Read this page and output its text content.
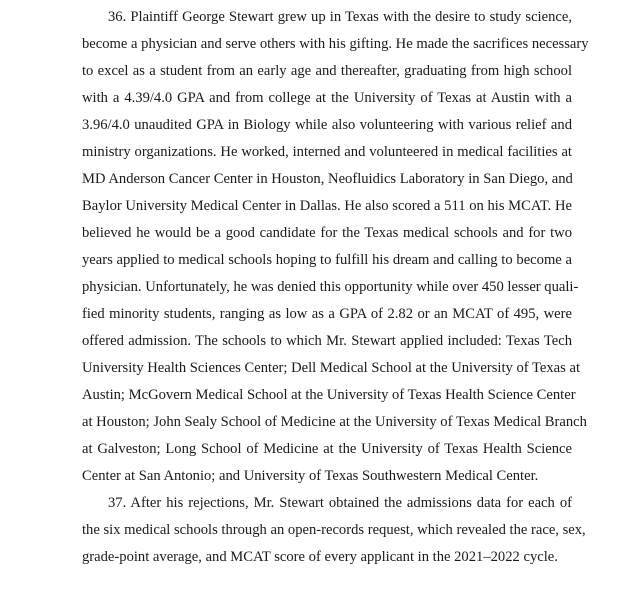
36. Plaintiff George Stewart grew up in Texas with the desire to study science,
become a physician and serve others with his gifting. He made the sacrifices necessary
to excel as a student from an early age and thereafter, graduating from high school
with a 4.39/4.0 GPA and from college at the University of Texas at Austin with a
3.96/4.0 unaudited GPA in Biology while also volunteering with various relief and
ministry organizations. He worked, interned and volunteered in medical facilities at
MD Anderson Cancer Center in Houston, Neofluidics Laboratory in San Diego, and
Baylor University Medical Center in Dallas. He also scored a 511 on his MCAT. He
believed he would be a good candidate for the Texas medical schools and for two
years applied to medical schools hoping to fulfill his dream and calling to become a
physician. Unfortunately, he was denied this opportunity while over 450 lesser quali-
fied minority students, ranging as low as a GPA of 2.82 or an MCAT of 495, were
offered admission. The schools to which Mr. Stewart applied included: Texas Tech
University Health Sciences Center; Dell Medical School at the University of Texas at
Austin; McGovern Medical School at the University of Texas Health Science Center
at Houston; John Sealy School of Medicine at the University of Texas Medical Branch
at Galveston; Long School of Medicine at the University of Texas Health Science
Center at San Antonio; and University of Texas Southwestern Medical Center.
37. After his rejections, Mr. Stewart obtained the admissions data for each of
the six medical schools through an open-records request, which revealed the race, sex,
grade-point average, and MCAT score of every applicant in the 2021–2022 cycle.
